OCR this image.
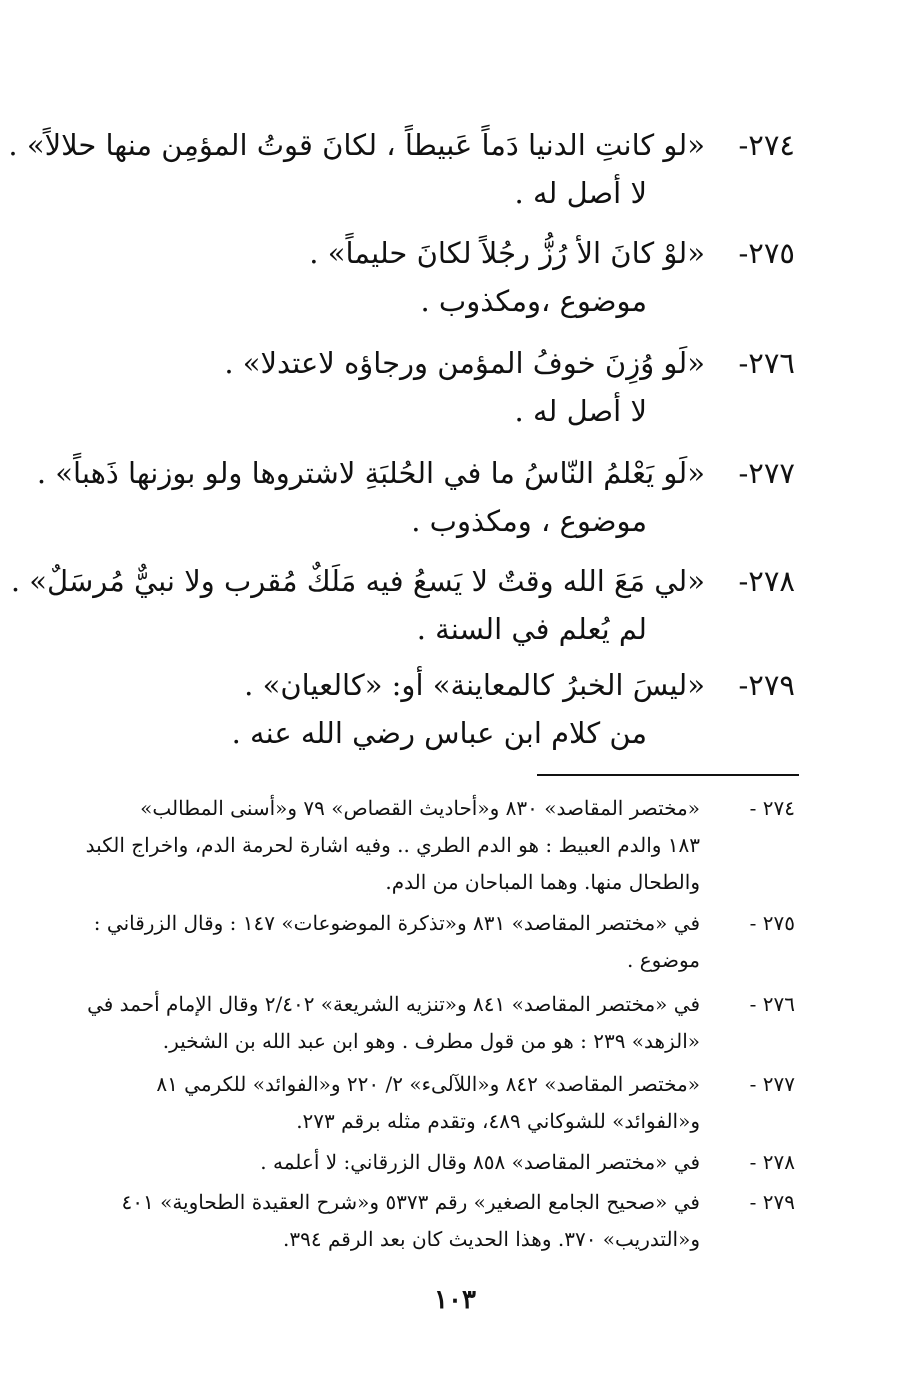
٢٧٤-
«لو كانتِ الدنيا دَماً عَبيطاً ، لكانَ قوتُ المؤمِن منها حلالاً» .
لا أصل له .
٢٧٥-
«لوْ كانَ الأ رُزُّ رجُلاً لكانَ حليماً» .
موضوع ،ومكذوب .
٢٧٦-
«لَو وُزِنَ خوفُ المؤمن ورجاؤه لاعتدلا» .
لا أصل له .
٢٧٧-
«لَو يَعْلمُ النّاسُ ما في الحُلبَةِ لاشتروها ولو بوزنها ذَهباً» .
موضوع ، ومكذوب .
٢٧٨-
«لي مَعَ الله وقتٌ لا يَسعُ فيه مَلَكٌ مُقرب ولا نبيٌّ مُرسَلٌ» .
لم يُعلم في السنة .
٢٧٩-
«ليسَ الخبرُ كالمعاينة» أو: «كالعيان» .
من كلام ابن عباس رضي الله عنه .
٢٧٤ -
«مختصر المقاصد» ٨٣٠ و«أحاديث القصاص» ٧٩ و«أسنى المطالب»
١٨٣ والدم العبيط : هو الدم الطري .. وفيه اشارة لحرمة الدم، واخراج الكبد
والطحال منها. وهما المباحان من الدم.
٢٧٥ -
في «مختصر المقاصد» ٨٣١ و«تذكرة الموضوعات» ١٤٧ : وقال الزرقاني :
موضوع .
٢٧٦ -
في «مختصر المقاصد» ٨٤١ و«تنزيه الشريعة» ٢/٤٠٢ وقال الإمام أحمد في
«الزهد» ٢٣٩ : هو من قول مطرف . وهو ابن عبد الله بن الشخير.
٢٧٧ -
«مختصر المقاصد» ٨٤٢ و«اللآلىء» ٢/ ٢٢٠ و«الفوائد» للكرمي ٨١
و«الفوائد» للشوكاني ٤٨٩، وتقدم مثله برقم ٢٧٣.
٢٧٨ -
في «مختصر المقاصد» ٨٥٨ وقال الزرقاني: لا أعلمه .
٢٧٩ -
في «صحيح الجامع الصغير» رقم ٥٣٧٣ و«شرح العقيدة الطحاوية» ٤٠١
و«التدريب» ٣٧٠. وهذا الحديث كان بعد الرقم ٣٩٤.
١٠٣
